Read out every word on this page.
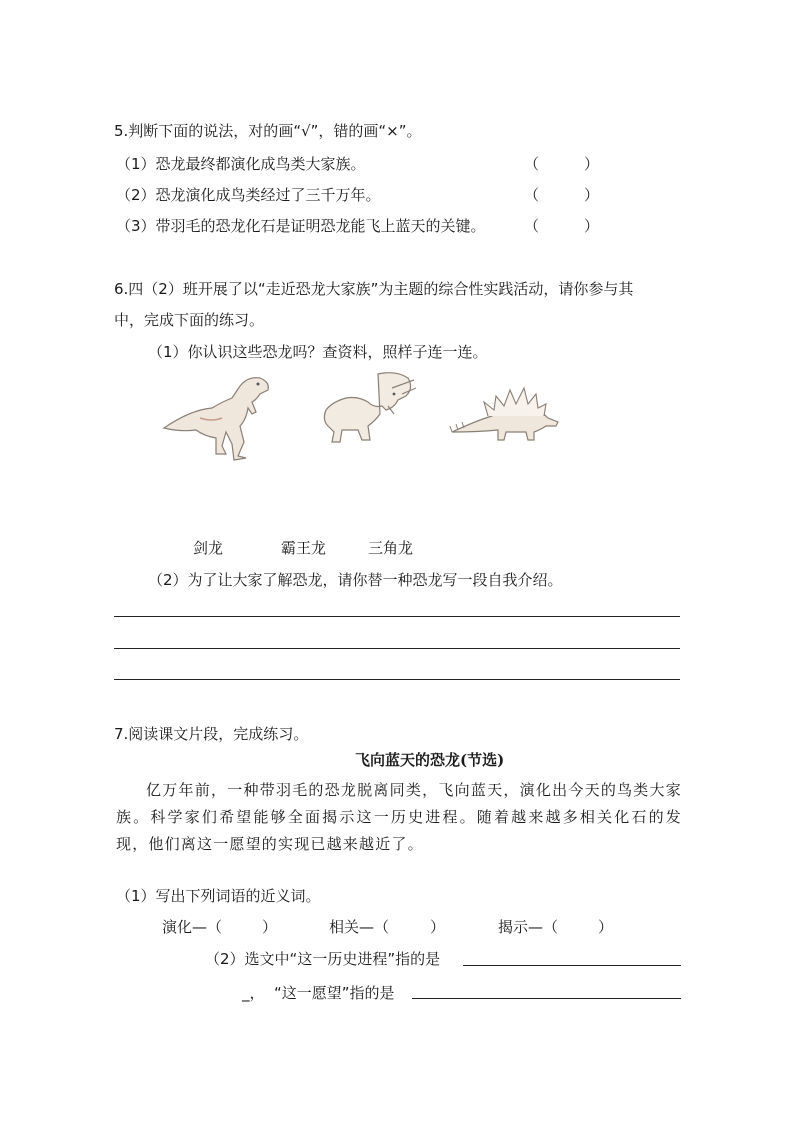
5.判断下面的说法，对的画“√”，错的画“×”。
（1）恐龙最终都演化成鸟类大家族。	（　　　）
（2）恐龙演化成鸟类经过了三千万年。	（　　　）
（3）带羽毛的恐龙化石是证明恐龙能飞上蓝天的关键。	（　　　）
6.四（2）班开展了以“走近恐龙大家族”为主题的综合性实践活动，请你参与其
中，完成下面的练习。
（1）你认识这些恐龙吗？查资料，照样子连一连。
剑龙	霸王龙	三角龙
（2）为了让大家了解恐龙，请你替一种恐龙写一段自我介绍。
7.阅读课文片段，完成练习。
飞向蓝天的恐龙(节选)
亿万年前，一种带羽毛的恐龙脱离同类，飞向蓝天，演化出今天的鸟类大家族。科学家们希望能够全面揭示这一历史进程。随着越来越多相关化石的发现，他们离这一愿望的实现已越来越近了。
（1）写出下列词语的近义词。
演化—（	）	相关—（	）	揭示—（	）
（2）选文中“这一历史进程”指的是
_， “这一愿望”指的是
